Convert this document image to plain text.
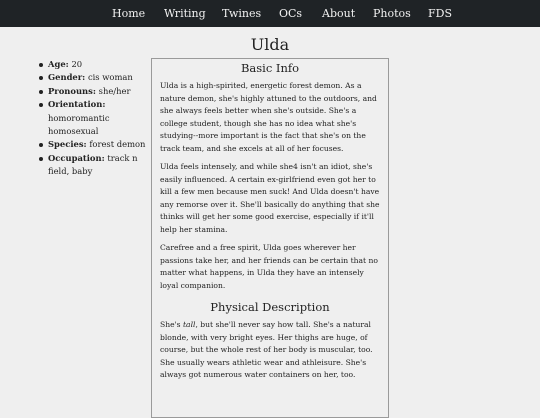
Home Writing Twines OCs About Photos FDS
Ulda
Age: 20
Gender: cis woman
Pronouns: she/her
Orientation:
homoromantic
homosexual
Species: forest demon
Occupation: track n field, baby
Basic Info

Ulda is a high-spirited, energetic forest demon. As a nature demon, she's highly attuned to the outdoors, and she always feels better when she's outside. She's a college student, though she has no idea what she's studying--more important is the fact that she's on the track team, and she excels at all of her focuses.

Ulda feels intensely, and while she4 isn't an idiot, she's easily influenced. A certain ex-girlfriend even got her to kill a few men because men suck! And Ulda doesn't have any remorse over it. She'll basically do anything that she thinks will get her some good exercise, especially if it'll help her stamina.

Carefree and a free spirit, Ulda goes wherever her passions take her, and her friends can be certain that no matter what happens, in Ulda they have an intensely loyal companion.

Physical Description

She's tall, but she'll never say how tall. She's a natural blonde, with very bright eyes. Her thighs are huge, of course, but the whole rest of her body is muscular, too. She usually wears athletic wear and athleisure. She's always got numerous water containers on her, too.
